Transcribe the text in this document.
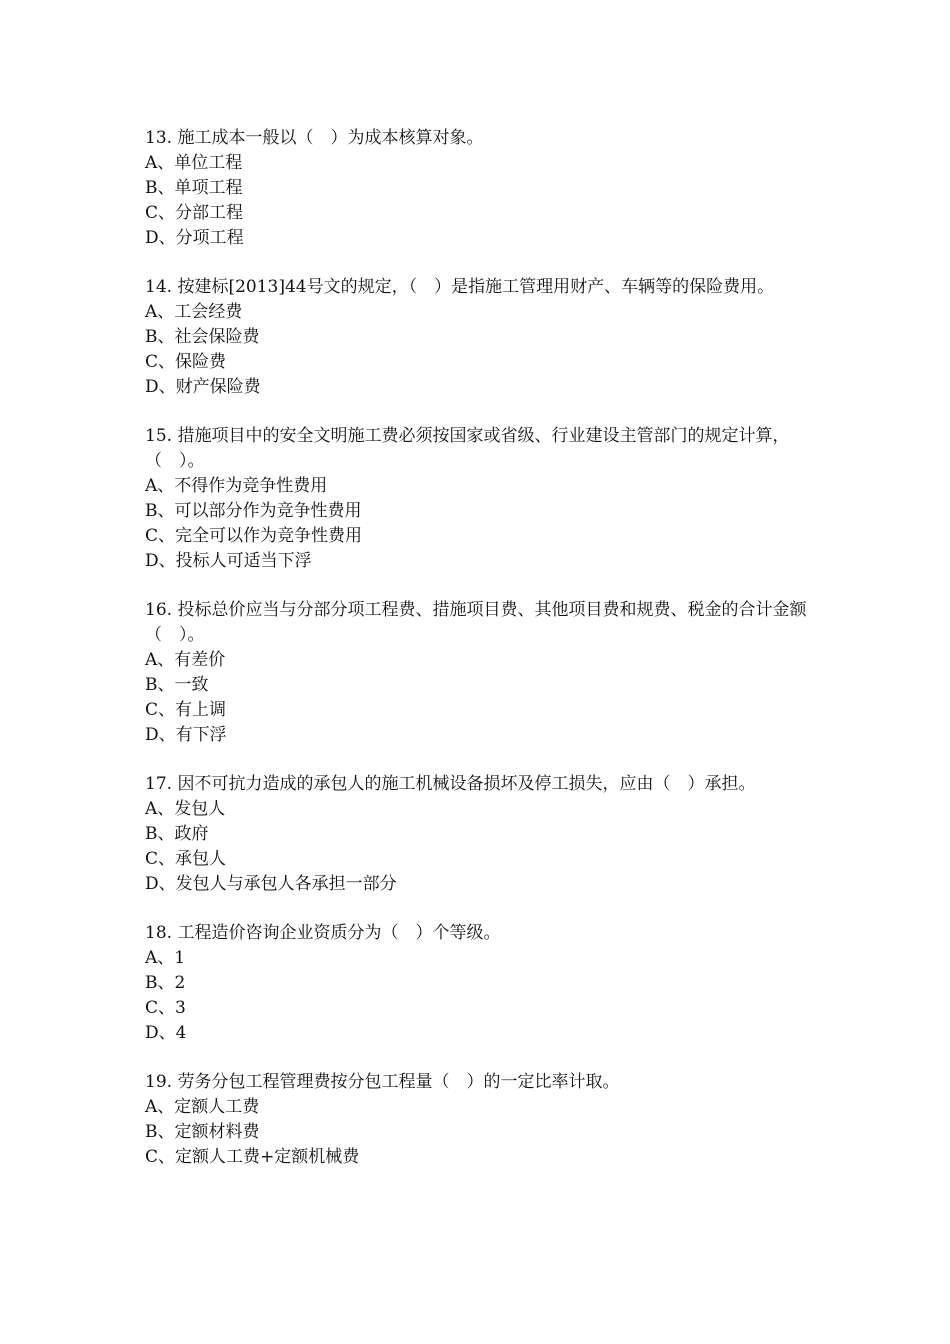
13. 施工成本一般以（　）为成本核算对象。

A、单位工程

B、单项工程

C、分部工程

D、分项工程

14. 按建标[2013]44号文的规定，（　）是指施工管理用财产、车辆等的保险费用。

A、工会经费

B、社会保险费

C、保险费

D、财产保险费

15. 措施项目中的安全文明施工费必须按国家或省级、行业建设主管部门的规定计算，（　）。

A、不得作为竞争性费用

B、可以部分作为竞争性费用

C、完全可以作为竞争性费用

D、投标人可适当下浮

16. 投标总价应当与分部分项工程费、措施项目费、其他项目费和规费、税金的合计金额（　）。

A、有差价

B、一致

C、有上调

D、有下浮

17. 因不可抗力造成的承包人的施工机械设备损坏及停工损失，应由（　）承担。

A、发包人

B、政府

C、承包人

D、发包人与承包人各承担一部分

18. 工程造价咨询企业资质分为（　）个等级。

A、1

B、2

C、3

D、4

19. 劳务分包工程管理费按分包工程量（　）的一定比率计取。

A、定额人工费

B、定额材料费

C、定额人工费+定额机械费
